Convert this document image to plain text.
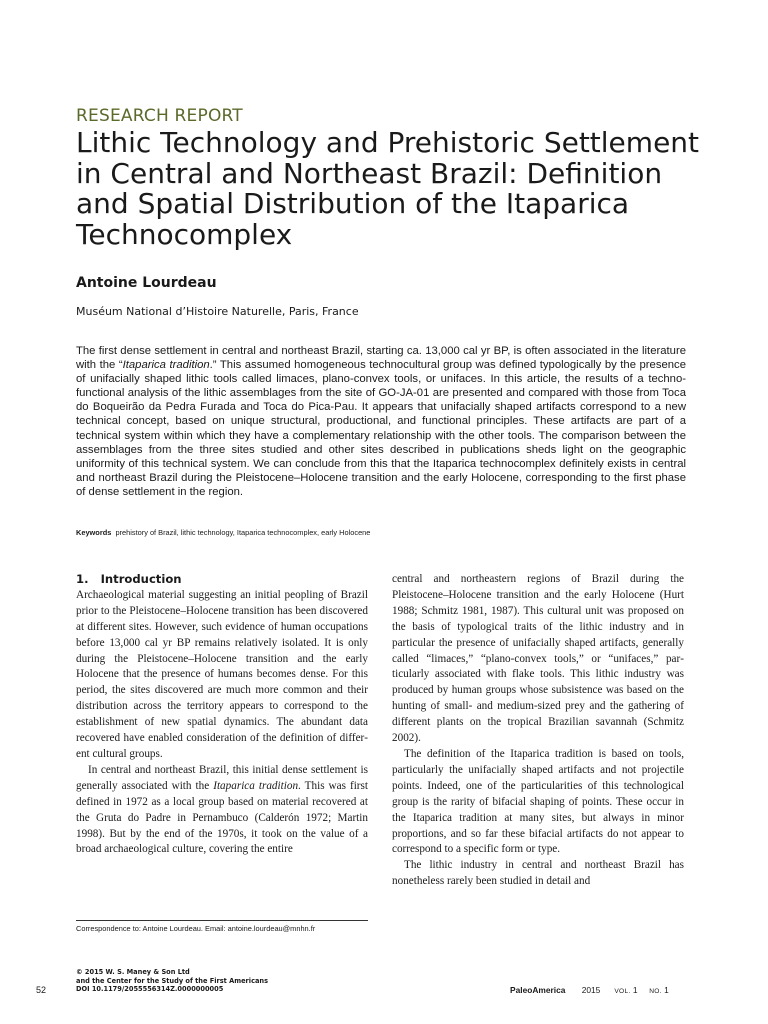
RESEARCH REPORT
Lithic Technology and Prehistoric Settlement in Central and Northeast Brazil: Definition and Spatial Distribution of the Itaparica Technocomplex
Antoine Lourdeau
Muséum National d’Histoire Naturelle, Paris, France

The first dense settlement in central and northeast Brazil, starting ca. 13,000 cal yr BP, is often associated in the literature with the “Itaparica tradition.” This assumed homogeneous technocultural group was defined typologically by the presence of unifacially shaped lithic tools called limaces, plano-convex tools, or unifaces. In this article, the results of a techno-functional analysis of the lithic assemblages from the site of GO-JA-01 are presented and compared with those from Toca do Boqueirão da Pedra Furada and Toca do Pica-Pau. It appears that unifacially shaped artifacts correspond to a new technical concept, based on unique structural, productional, and functional principles. These artifacts are part of a technical system within which they have a complementary relationship with the other tools. The comparison between the assemblages from the three sites studied and other sites described in publications sheds light on the geographic uniformity of this technical system. We can conclude from this that the Itaparica technocomplex definitely exists in central and northeast Brazil during the Pleistocene–Holocene transition and the early Holocene, corresponding to the first phase of dense settlement in the region.

Keywords prehistory of Brazil, lithic technology, Itaparica technocomplex, early Holocene
1. Introduction

Archaeological material suggesting an initial peopling of Brazil prior to the Pleistocene–Holocene transition has been discovered at different sites. However, such evidence of human occupations before 13,000 cal yr BP remains relatively isolated. It is only during the Pleistocene–Holocene transition and the early Holocene that the presence of humans becomes dense. For this period, the sites discovered are much more common and their distribution across the territory appears to correspond to the establishment of new spatial dynamics. The abundant data recovered have enabled consideration of the definition of different cultural groups.

In central and northeast Brazil, this initial dense settlement is generally associated with the Itaparica tradition. This was first defined in 1972 as a local group based on material recovered at the Gruta do Padre in Pernambuco (Calderón 1972; Martin 1998). But by the end of the 1970s, it took on the value of a broad archaeological culture, covering the entire

central and northeastern regions of Brazil during the Pleistocene–Holocene transition and the early Holocene (Hurt 1988; Schmitz 1981, 1987). This cultural unit was proposed on the basis of typological traits of the lithic industry and in particular the presence of unifacially shaped artifacts, generally called “limaces,” “plano-convex tools,” or “unifaces,” particularly associated with flake tools. This lithic industry was produced by human groups whose subsistence was based on the hunting of small- and medium-sized prey and the gathering of different plants on the tropical Brazilian savannah (Schmitz 2002).

The definition of the Itaparica tradition is based on tools, particularly the unifacially shaped artifacts and not projectile points. Indeed, one of the particularities of this technological group is the rarity of bifacial shaping of points. These occur in the Itaparica tradition at many sites, but always in minor proportions, and so far these bifacial artifacts do not appear to correspond to a specific form or type.

The lithic industry in central and northeast Brazil has nonetheless rarely been studied in detail and

Correspondence to: Antoine Lourdeau. Email: antoine.lourdeau@mnhn.fr
© 2015 W. S. Maney & Son Ltd
and the Center for the Study of the First Americans
DOI 10.1179/2055556314Z.0000000005
52	PaleoAmerica 2015 VOL. 1 NO. 1
